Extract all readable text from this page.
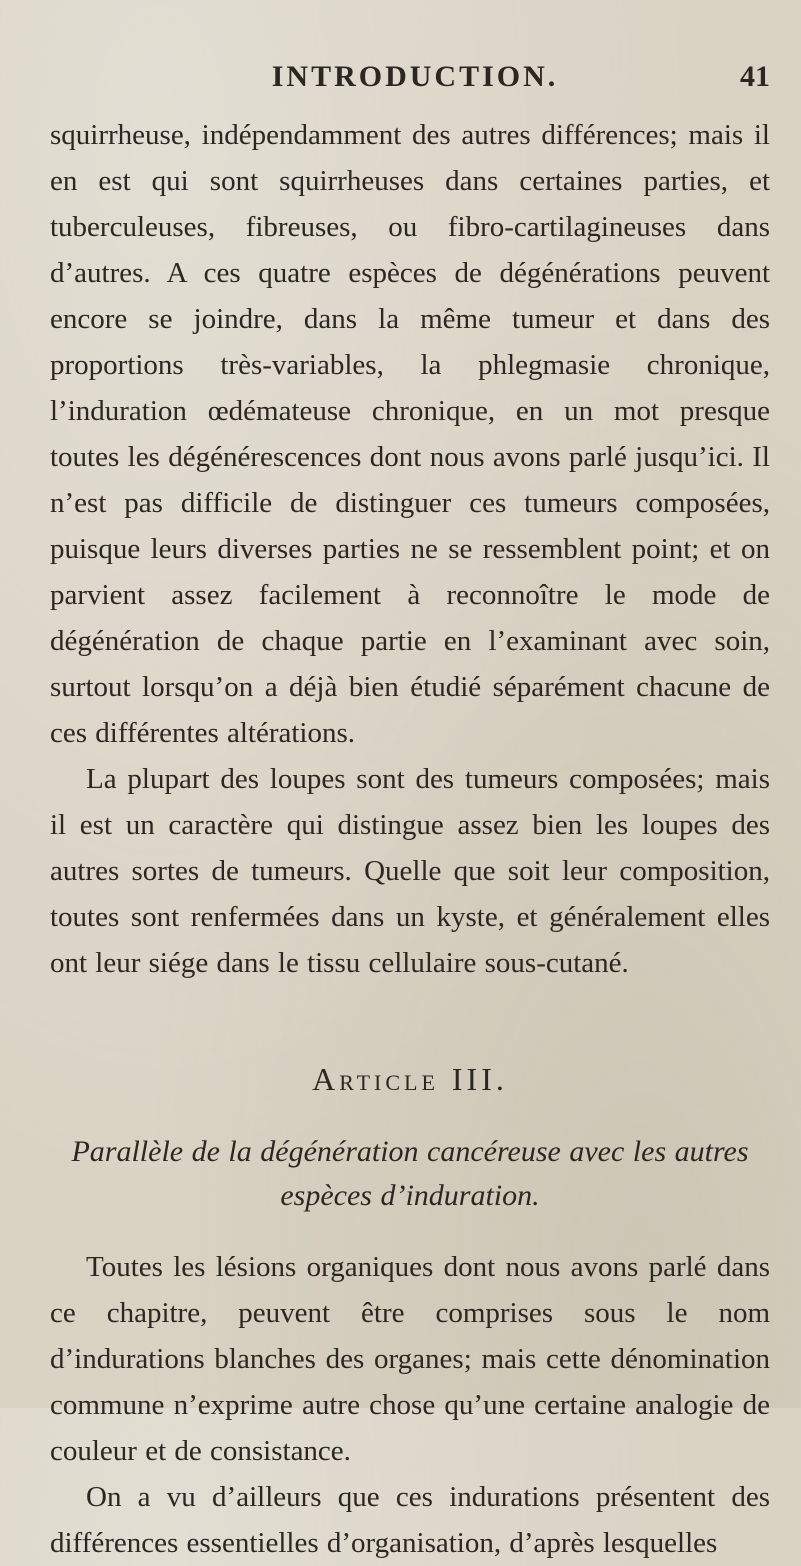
INTRODUCTION.	41

squirrheuse, indépendamment des autres différences; mais il en est qui sont squirrheuses dans certaines parties, et tuberculeuses, fibreuses, ou fibro-cartilagineuses dans d’autres. A ces quatre espèces de dégénérations peuvent encore se joindre, dans la même tumeur et dans des proportions très-variables, la phlegmasie chronique, l’induration œdémateuse chronique, en un mot presque toutes les dégénérescences dont nous avons parlé jusqu’ici. Il n’est pas difficile de distinguer ces tumeurs composées, puisque leurs diverses parties ne se ressemblent point; et on parvient assez facilement à reconnoître le mode de dégénération de chaque partie en l’examinant avec soin, surtout lorsqu’on a déjà bien étudié séparément chacune de ces différentes altérations.

La plupart des loupes sont des tumeurs composées; mais il est un caractère qui distingue assez bien les loupes des autres sortes de tumeurs. Quelle que soit leur composition, toutes sont renfermées dans un kyste, et généralement elles ont leur siége dans le tissu cellulaire sous-cutané.

Article III.

Parallèle de la dégénération cancéreuse avec les autres espèces d’induration.

Toutes les lésions organiques dont nous avons parlé dans ce chapitre, peuvent être comprises sous le nom d’indurations blanches des organes; mais cette dénomination commune n’exprime autre chose qu’une certaine analogie de couleur et de consistance.

On a vu d’ailleurs que ces indurations présentent des différences essentielles d’organisation, d’après lesquelles
